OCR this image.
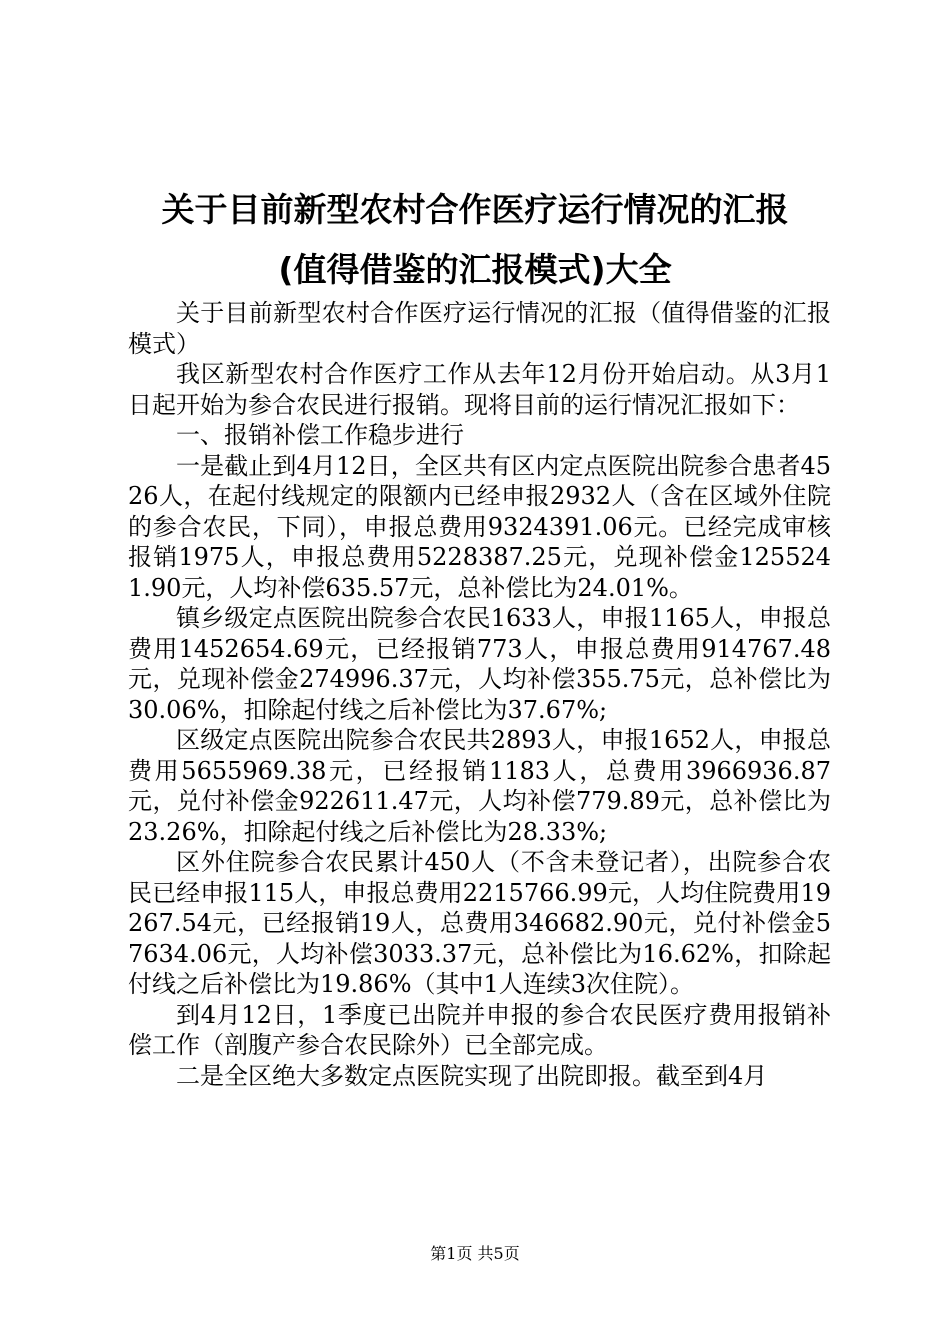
关于目前新型农村合作医疗运行情况的汇报
(值得借鉴的汇报模式)大全

关于目前新型农村合作医疗运行情况的汇报（值得借鉴的汇报模式）

我区新型农村合作医疗工作从去年12月份开始启动。从3月1日起开始为参合农民进行报销。现将目前的运行情况汇报如下：

一、报销补偿工作稳步进行

一是截止到4月12日，全区共有区内定点医院出院参合患者4526人，在起付线规定的限额内已经申报2932人（含在区域外住院的参合农民，下同），申报总费用9324391.06元。已经完成审核报销1975人，申报总费用5228387.25元，兑现补偿金1255241.90元，人均补偿635.57元，总补偿比为24.01%。

镇乡级定点医院出院参合农民1633人，申报1165人，申报总费用1452654.69元，已经报销773人，申报总费用914767.48元，兑现补偿金274996.37元，人均补偿355.75元，总补偿比为30.06%，扣除起付线之后补偿比为37.67%;

区级定点医院出院参合农民共2893人，申报1652人，申报总费用5655969.38元，已经报销1183人，总费用3966936.87元，兑付补偿金922611.47元，人均补偿779.89元，总补偿比为23.26%，扣除起付线之后补偿比为28.33%;

区外住院参合农民累计450人（不含未登记者），出院参合农民已经申报115人，申报总费用2215766.99元，人均住院费用19267.54元，已经报销19人，总费用346682.90元，兑付补偿金57634.06元，人均补偿3033.37元，总补偿比为16.62%，扣除起付线之后补偿比为19.86%（其中1人连续3次住院）。

到4月12日，1季度已出院并申报的参合农民医疗费用报销补偿工作（剖腹产参合农民除外）已全部完成。

二是全区绝大多数定点医院实现了出院即报。截至到4月

第1页 共5页
